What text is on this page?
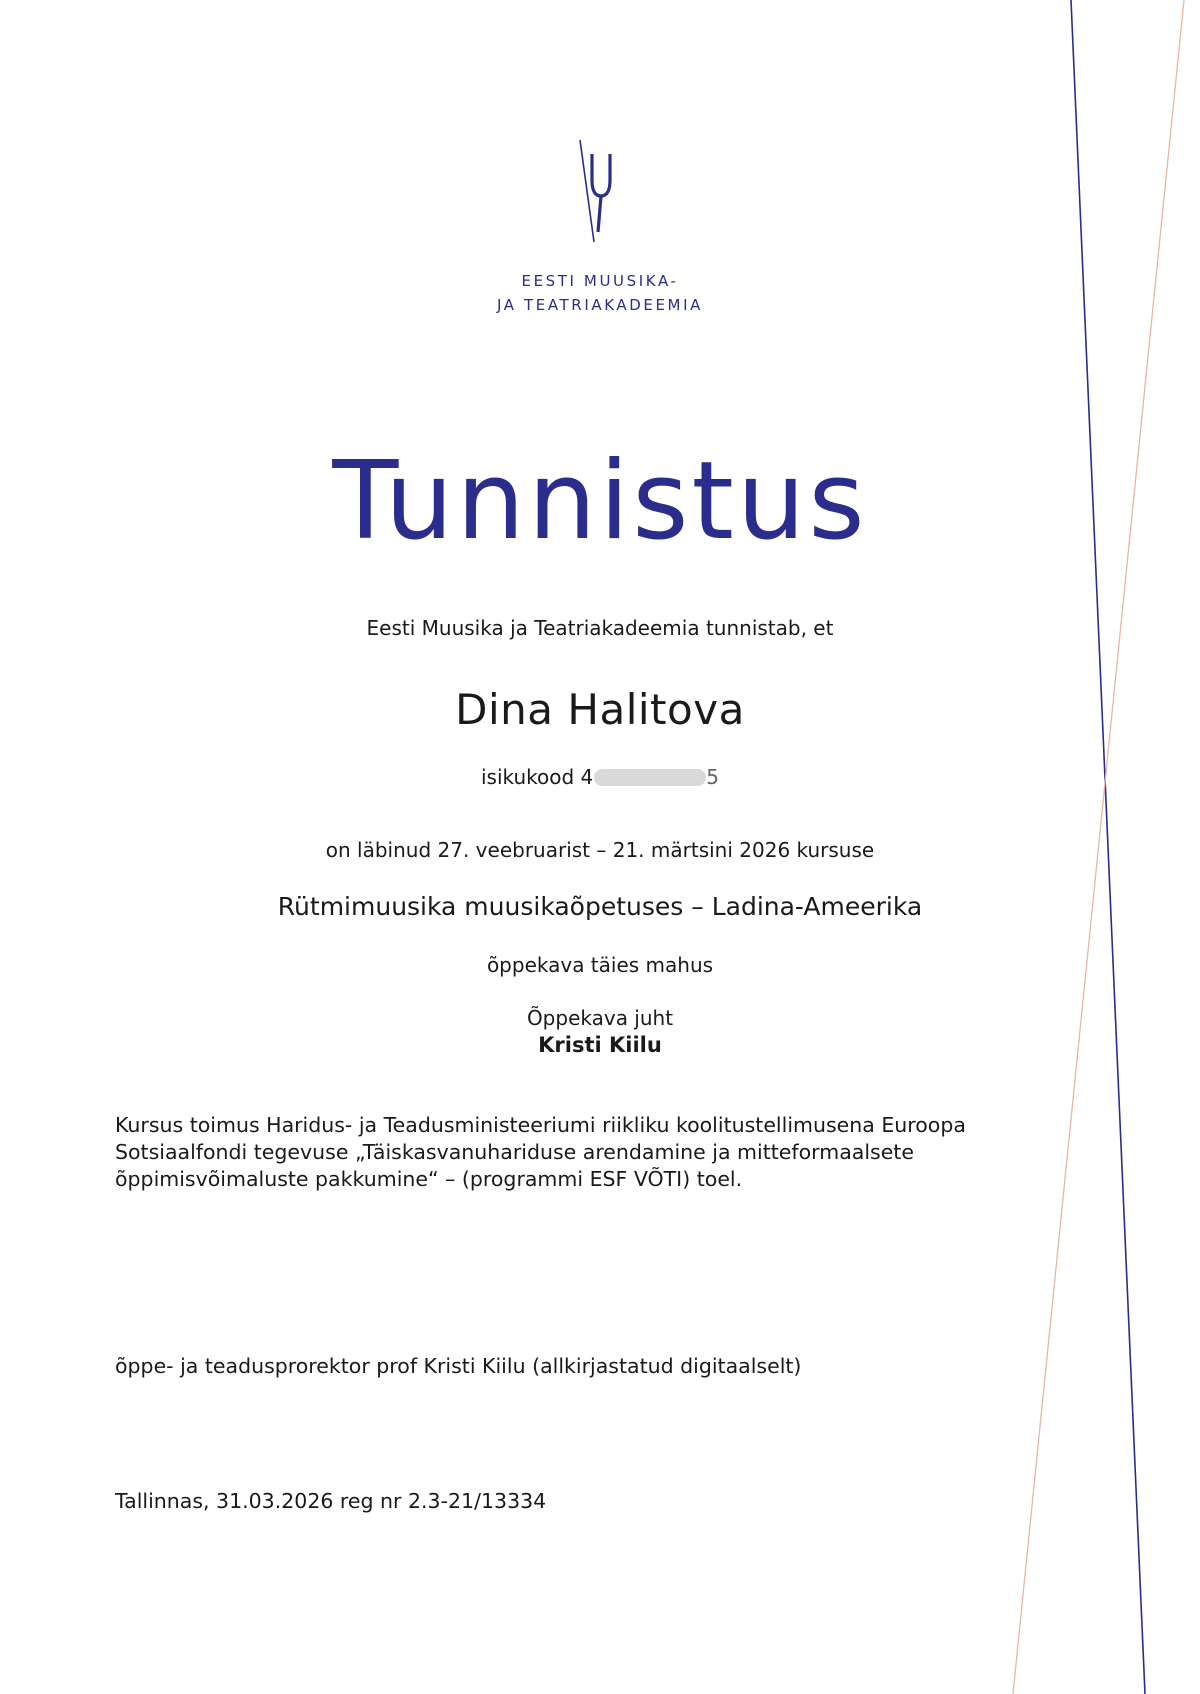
EESTI MUUSIKA-
JA TEATRIAKADEEMIA
Tunnistus
Eesti Muusika ja Teatriakadeemia tunnistab, et
Dina Halitova
isikukood 4	5
on läbinud 27. veebruarist – 21. märtsini 2026 kursuse
Rütmimuusika muusikaõpetuses – Ladina-Ameerika
õppekava täies mahus
Õppekava juht
Kristi Kiilu
Kursus toimus Haridus- ja Teadusministeeriumi riikliku koolitustellimusena Euroopa Sotsiaalfondi tegevuse „Täiskasvanuhariduse arendamine ja mitteformaalsete õppimisvõimaluste pakkumine“ – (programmi ESF VÕTI) toel.
õppe- ja teadusprorektor prof Kristi Kiilu (allkirjastatud digitaalselt)
Tallinnas, 31.03.2026 reg nr 2.3-21/13334
